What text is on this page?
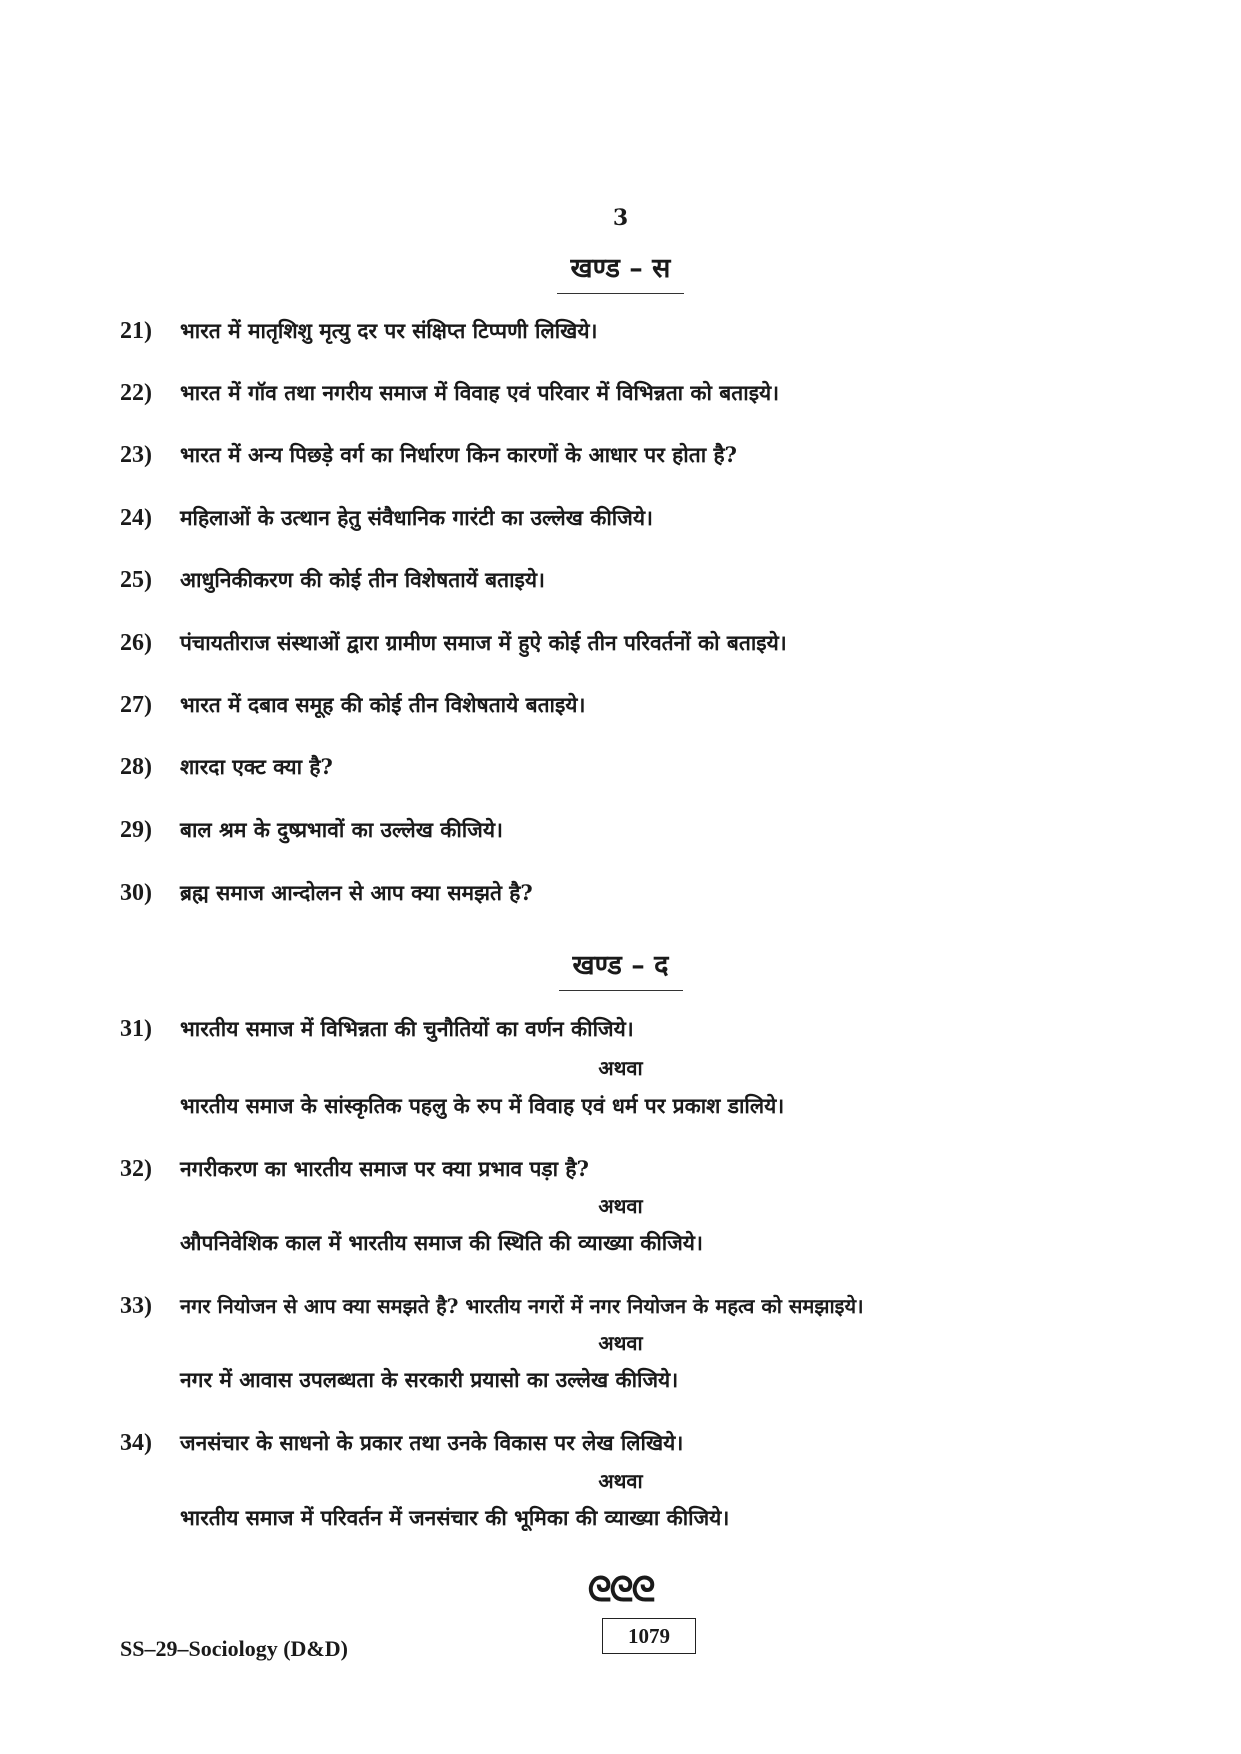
3
खण्ड – स
21) भारत में मातृशिशु मृत्यु दर पर संक्षिप्त टिप्पणी लिखिये।
22) भारत में गॉव तथा नगरीय समाज में विवाह एवं परिवार में विभिन्नता को बताइये।
23) भारत में अन्य पिछड़े वर्ग का निर्धारण किन कारणों के आधार पर होता है?
24) महिलाओं के उत्थान हेतु संवैधानिक गारंटी का उल्लेख कीजिये।
25) आधुनिकीकरण की कोई तीन विशेषतायें बताइये।
26) पंचायतीराज संस्थाओं द्वारा ग्रामीण समाज में हुऐ कोई तीन परिवर्तनों को बताइये।
27) भारत में दबाव समूह की कोई तीन विशेषताये बताइये।
28) शारदा एक्ट क्या है?
29) बाल श्रम के दुष्प्रभावों का उल्लेख कीजिये।
30) ब्रह्म समाज आन्दोलन से आप क्या समझते है?
खण्ड – द
31) भारतीय समाज में विभिन्नता की चुनौतियों का वर्णन कीजिये।
अथवा
भारतीय समाज के सांस्कृतिक पहलु के रुप में विवाह एवं धर्म पर प्रकाश डालिये।
32) नगरीकरण का भारतीय समाज पर क्या प्रभाव पड़ा है?
अथवा
औपनिवेशिक काल में भारतीय समाज की स्थिति की व्याख्या कीजिये।
33) नगर नियोजन से आप क्या समझते है? भारतीय नगरों में नगर नियोजन के महत्व को समझाइये।
अथवा
नगर में आवास उपलब्धता के सरकारी प्रयासो का उल्लेख कीजिये।
34) जनसंचार के साधनो के प्रकार तथा उनके विकास पर लेख लिखिये।
अथवा
भारतीय समाज में परिवर्तन में जनसंचार की भूमिका की व्याख्या कीजिये।
ᘓᘓᘓ
SS–29–Sociology (D&D)	1079
